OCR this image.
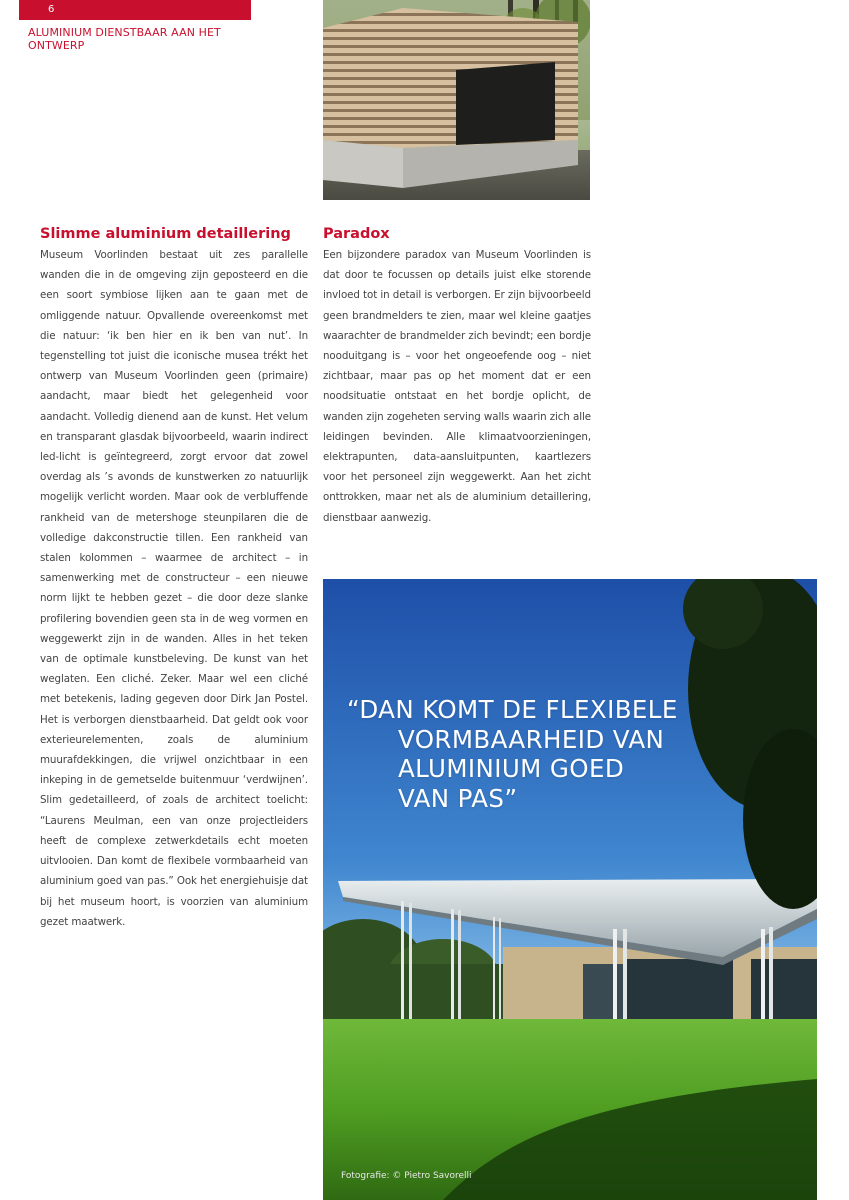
6
ALUMINIUM DIENSTBAAR AAN HET ONTWERP
Slimme aluminium detaillering

Museum Voorlinden bestaat uit zes parallelle wanden die in de omgeving zijn geposteerd en die een soort symbiose lijken aan te gaan met de omliggende natuur. Opvallende overeenkomst met die natuur: ‘ik ben hier en ik ben van nut’. In tegenstelling tot juist die iconische musea trékt het ontwerp van Museum Voorlinden geen (primaire) aandacht, maar biedt het gelegenheid voor aandacht. Volledig dienend aan de kunst. Het velum en transparant glasdak bijvoorbeeld, waarin indirect led-licht is geïntegreerd, zorgt ervoor dat zowel overdag als ’s avonds de kunstwerken zo natuurlijk mogelijk verlicht worden. Maar ook de verbluffende rankheid van de metershoge steunpilaren die de volledige dakconstructie tillen. Een rankheid van stalen kolommen – waarmee de architect – in samenwerking met de constructeur – een nieuwe norm lijkt te hebben gezet – die door deze slanke profilering bovendien geen sta in de weg vormen en weggewerkt zijn in de wanden. Alles in het teken van de optimale kunstbeleving. De kunst van het weglaten. Een cliché. Zeker. Maar wel een cliché met betekenis, lading gegeven door Dirk Jan Postel. Het is verborgen dienstbaarheid. Dat geldt ook voor exterieurelementen, zoals de aluminium muurafdekkingen, die vrijwel onzichtbaar in een inkeping in de gemetselde buitenmuur ‘verdwijnen’. Slim gedetailleerd, of zoals de architect toelicht: “Laurens Meulman, een van onze projectleiders heeft de complexe zetwerkdetails echt moeten uitvlooien. Dan komt de flexibele vormbaarheid van aluminium goed van pas.” Ook het energiehuisje dat bij het museum hoort, is voorzien van aluminium gezet maatwerk.

Paradox

Een bijzondere paradox van Museum Voorlinden is dat door te focussen op details juist elke storende invloed tot in detail is verborgen. Er zijn bijvoorbeeld geen brandmelders te zien, maar wel kleine gaatjes waarachter de brandmelder zich bevindt; een bordje nooduitgang is – voor het ongeoefende oog – niet zichtbaar, maar pas op het moment dat er een noodsituatie ontstaat en het bordje oplicht, de wanden zijn zogeheten serving walls waarin zich alle leidingen bevinden. Alle klimaatvoorzieningen, elektrapunten, data-aansluitpunten, kaartlezers voor het personeel zijn weggewerkt. Aan het zicht onttrokken, maar net als de aluminium detaillering, dienstbaar aanwezig.

“DAN KOMT DE FLEXIBELE
VORMBAARHEID VAN
ALUMINIUM GOED
VAN PAS”
Fotografie: © Pietro Savorelli
